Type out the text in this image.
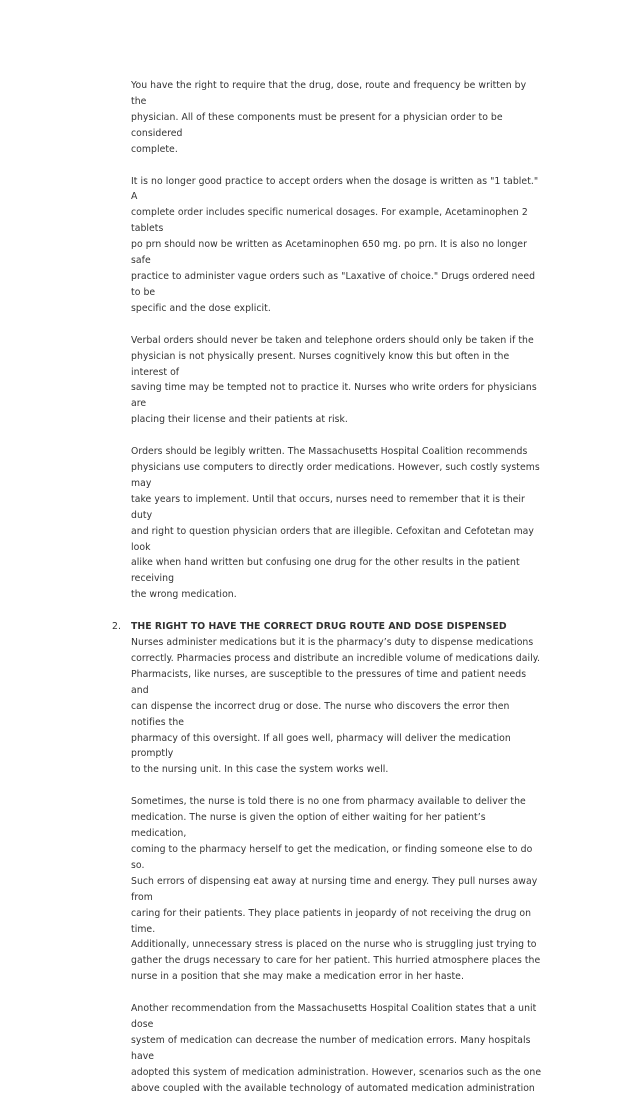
You have the right to require that the drug, dose, route and frequency be written by the
physician. All of these components must be present for a physician order to be considered
complete.

It is no longer good practice to accept orders when the dosage is written as "1 tablet." A
complete order includes specific numerical dosages. For example, Acetaminophen 2 tablets
po prn should now be written as Acetaminophen 650 mg. po prn. It is also no longer safe
practice to administer vague orders such as "Laxative of choice." Drugs ordered need to be
specific and the dose explicit.

Verbal orders should never be taken and telephone orders should only be taken if the
physician is not physically present. Nurses cognitively know this but often in the interest of
saving time may be tempted not to practice it. Nurses who write orders for physicians are
placing their license and their patients at risk.

Orders should be legibly written. The Massachusetts Hospital Coalition recommends
physicians use computers to directly order medications. However, such costly systems may
take years to implement. Until that occurs, nurses need to remember that it is their duty
and right to question physician orders that are illegible. Cefoxitan and Cefotetan may look
alike when hand written but confusing one drug for the other results in the patient receiving
the wrong medication.

2. THE RIGHT TO HAVE THE CORRECT DRUG ROUTE AND DOSE DISPENSED
Nurses administer medications but it is the pharmacy’s duty to dispense medications
correctly. Pharmacies process and distribute an incredible volume of medications daily.
Pharmacists, like nurses, are susceptible to the pressures of time and patient needs and
can dispense the incorrect drug or dose. The nurse who discovers the error then notifies the
pharmacy of this oversight. If all goes well, pharmacy will deliver the medication promptly
to the nursing unit. In this case the system works well.

Sometimes, the nurse is told there is no one from pharmacy available to deliver the
medication. The nurse is given the option of either waiting for her patient’s medication,
coming to the pharmacy herself to get the medication, or finding someone else to do so.
Such errors of dispensing eat away at nursing time and energy. They pull nurses away from
caring for their patients. They place patients in jeopardy of not receiving the drug on time.
Additionally, unnecessary stress is placed on the nurse who is struggling just trying to
gather the drugs necessary to care for her patient. This hurried atmosphere places the
nurse in a position that she may make a medication error in her haste.

Another recommendation from the Massachusetts Hospital Coalition states that a unit dose
system of medication can decrease the number of medication errors. Many hospitals have
adopted this system of medication administration. However, scenarios such as the one
above coupled with the available technology of automated medication administration
